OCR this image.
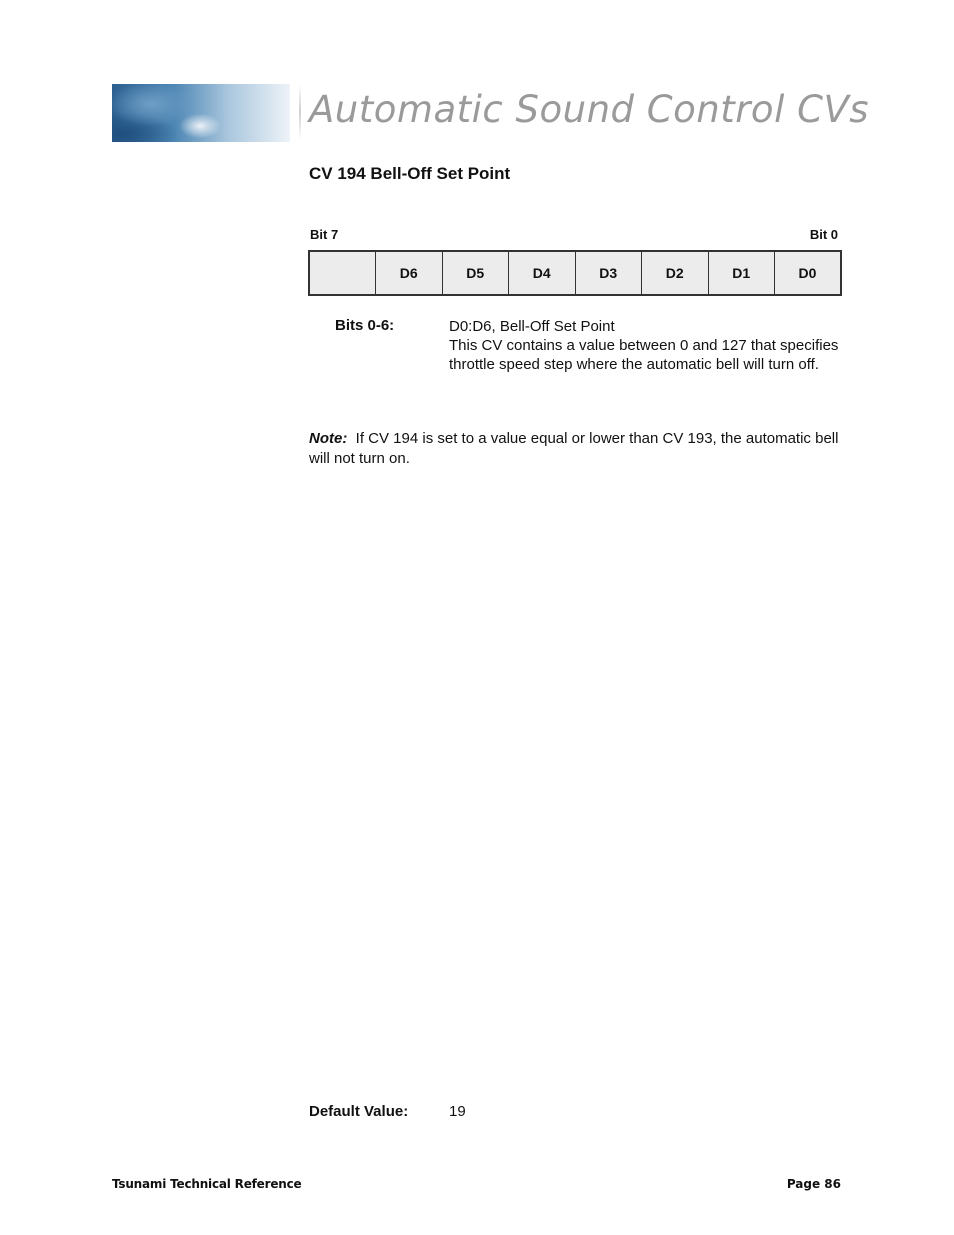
Automatic Sound Control CVs
CV 194 Bell-Off Set Point
Bit 7	Bit 0
	D6	D5	D4	D3	D2	D1	D0
Bits 0-6:	D0:D6, Bell-Off Set Point
This CV contains a value between 0 and 127 that specifies throttle speed step where the automatic bell will turn off.

Note: If CV 194 is set to a value equal or lower than CV 193, the automatic bell will not turn on.

Default Value:	19
Tsunami Technical Reference	Page 86
